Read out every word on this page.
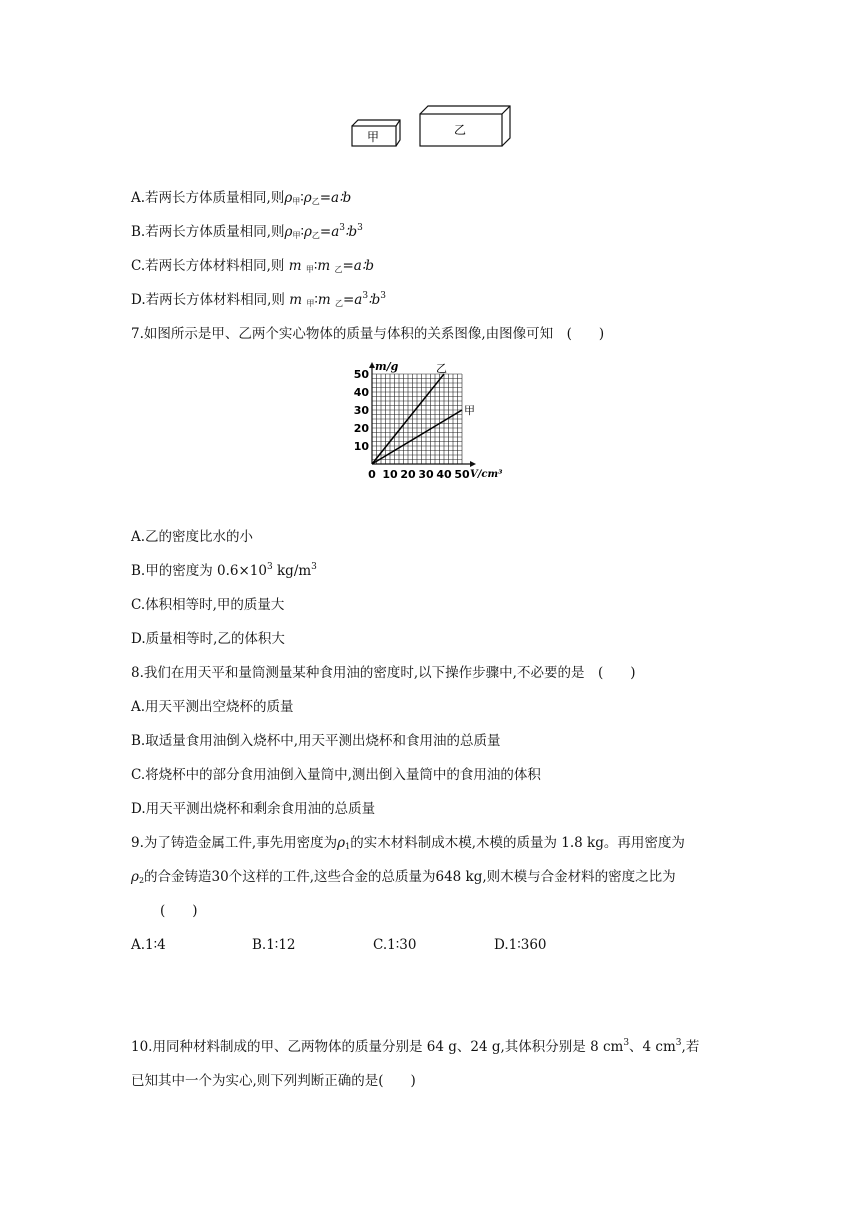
甲	乙
A.若两长方体质量相同,则$\rho_甲∶\rho_乙=a∶b$
B.若两长方体质量相同,则$\rho_甲∶\rho_乙=a^3∶b^3$
C.若两长方体材料相同,则 m $_甲$∶m $_乙$=a∶b
D.若两长方体材料相同,则 m $_甲$∶m $_乙=a^3∶b^3$
7.如图所示是甲、乙两个实心物体的质量与体积的关系图像,由图像可知　(　　)
0 10 20 30 40 50
10
20
30
40
50
m/g
V/cm³
乙
甲
A.乙的密度比水的小
B.甲的密度为 $0.6\times 10^3$ $kg/m^3$
C.体积相等时,甲的质量大
D.质量相等时,乙的体积大
8.我们在用天平和量筒测量某种食用油的密度时,以下操作步骤中,不必要的是　(　　)
A.用天平测出空烧杯的质量
B.取适量食用油倒入烧杯中,用天平测出烧杯和食用油的总质量
C.将烧杯中的部分食用油倒入量筒中,测出倒入量筒中的食用油的体积
D.用天平测出烧杯和剩余食用油的总质量
9.为了铸造金属工件,事先用密度为$\rho_1$的实木材料制成木模,木模的质量为 1.8 kg。再用密度为
$\rho_2$的合金铸造30个这样的工件,这些合金的总质量为648 kg,则木模与合金材料的密度之比为
(　　)
A.1∶4	B.1∶12	C.1∶30	D.1∶360
10.用同种材料制成的甲、乙两物体的质量分别是 64 g、24 g,其体积分别是 8 $cm^3$、4 $cm^3$,若
已知其中一个为实心,则下列判断正确的是(　　)
